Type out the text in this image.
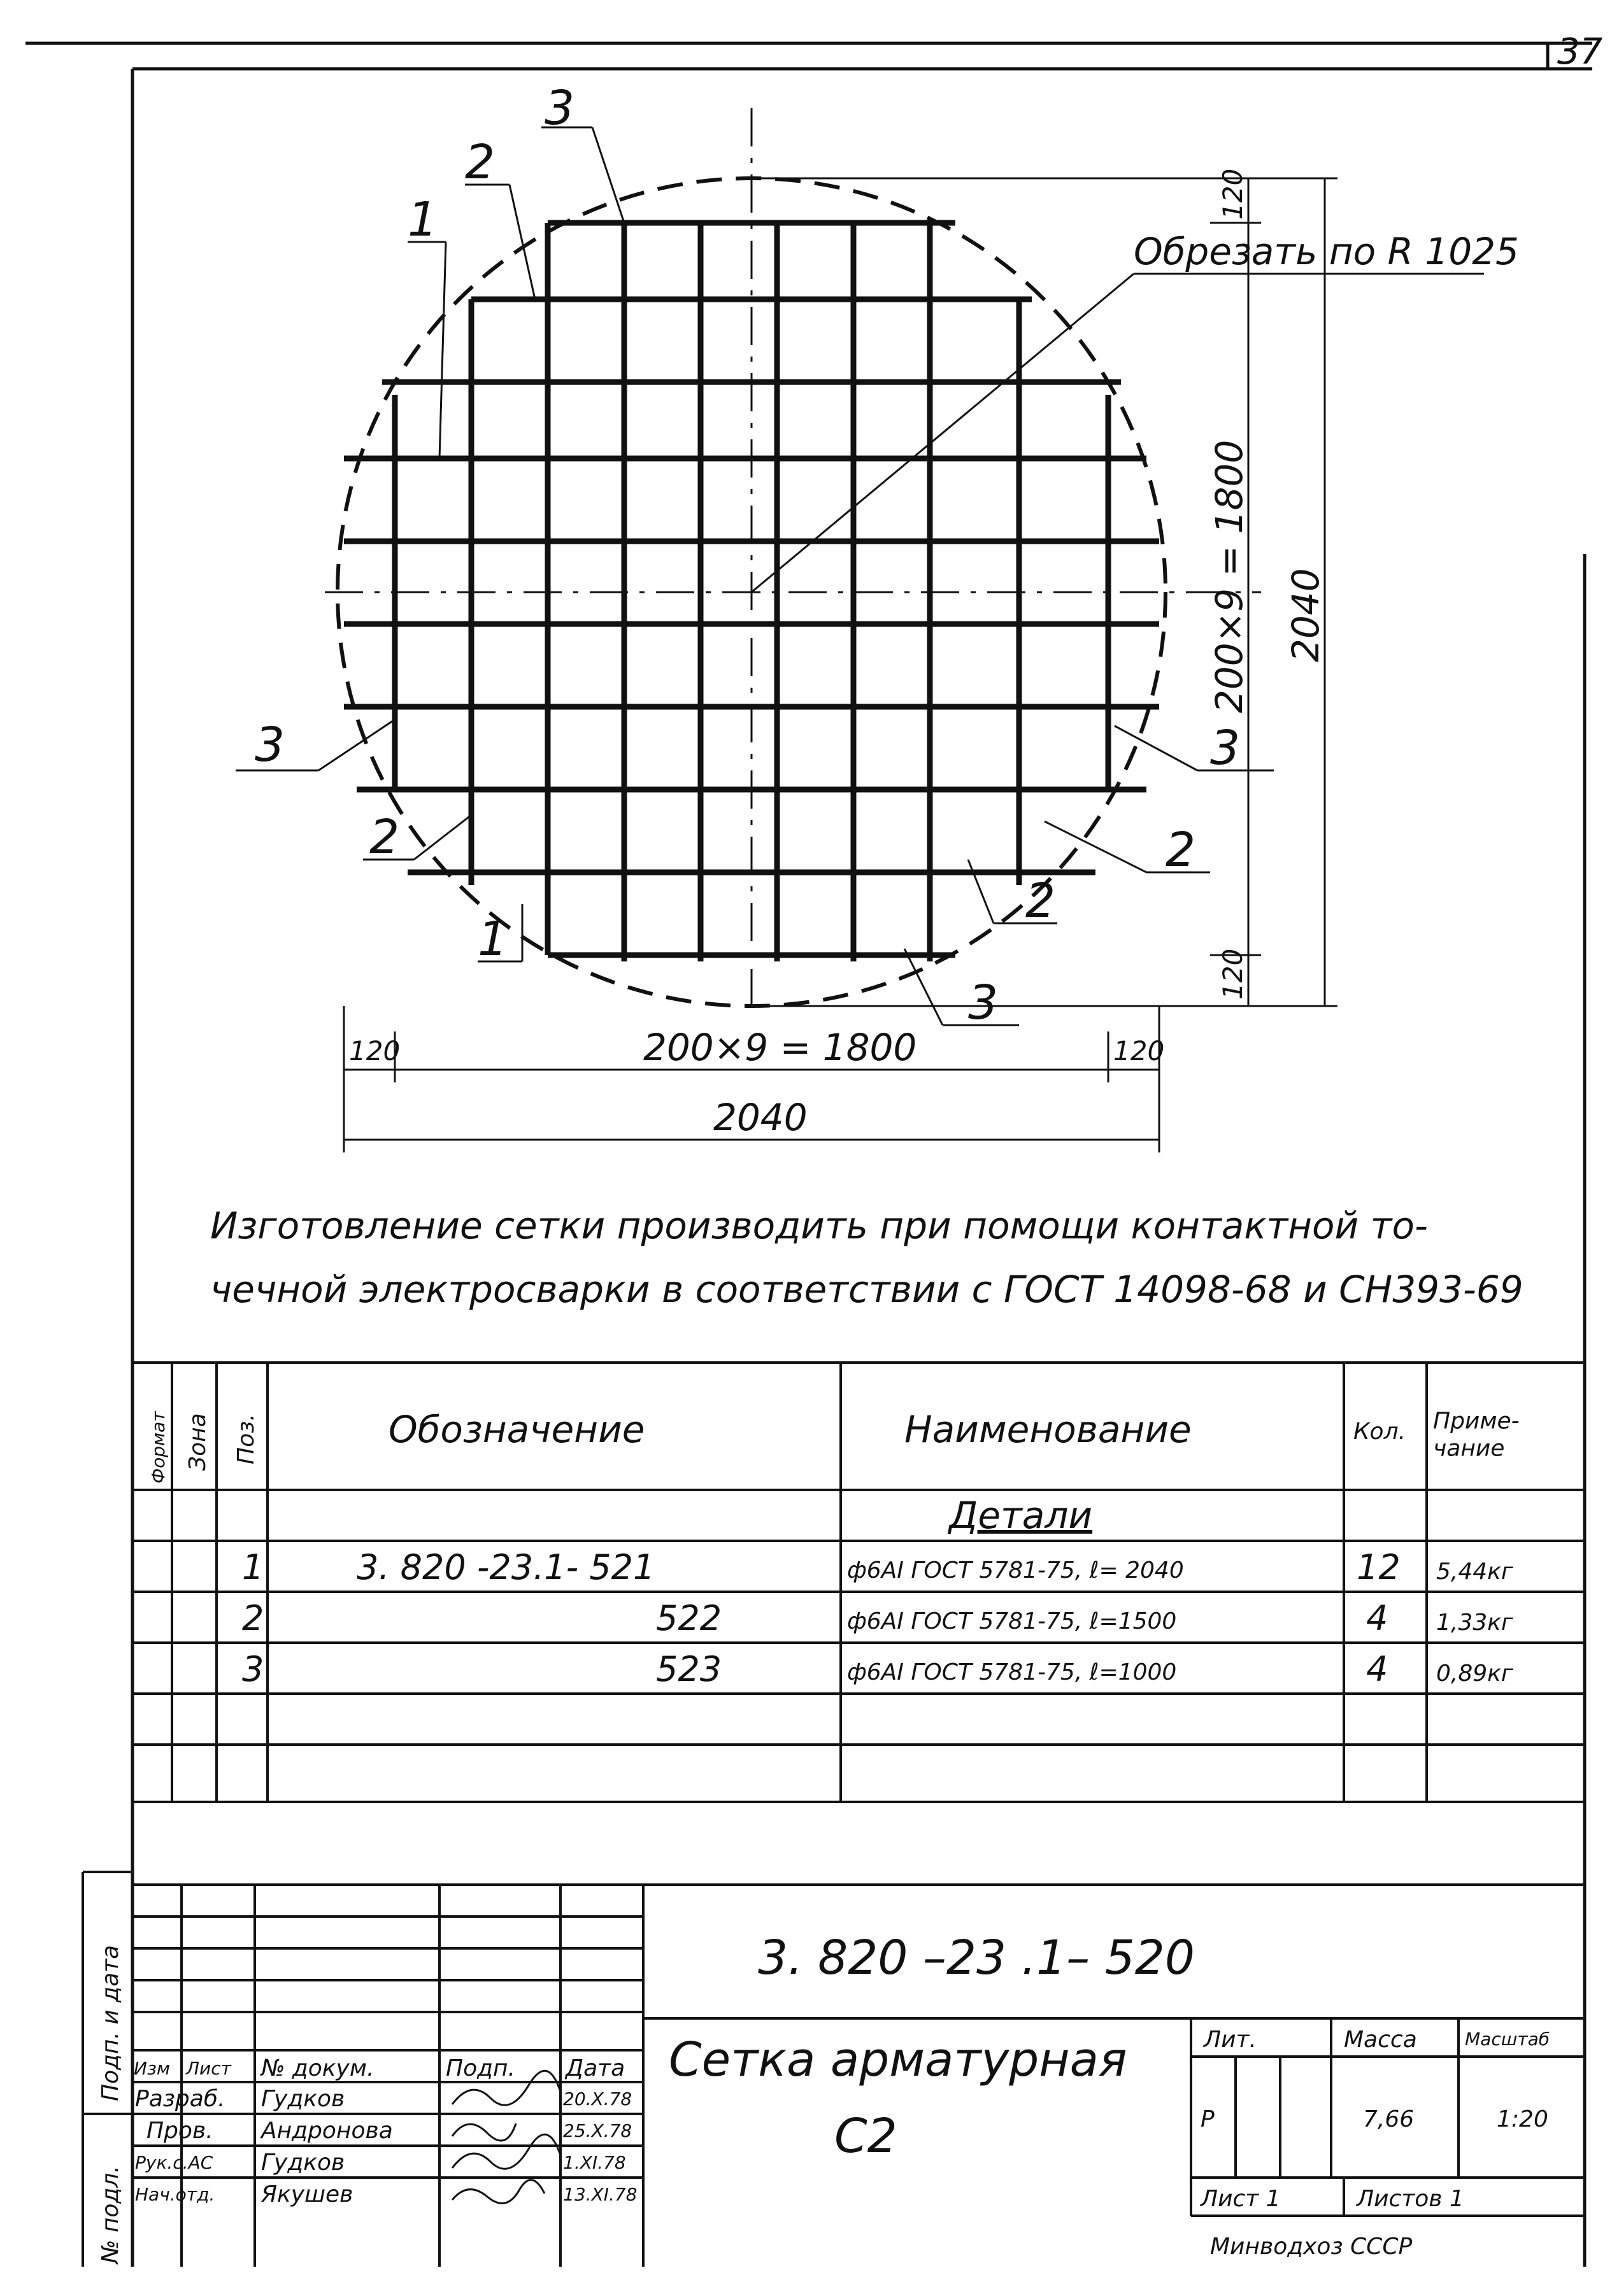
37
Обрезать по R 1025
1
2
3
3
2
1
3
2
2
3
120	200×9 = 1800	120
2040
120
200×9 = 1800
120
2040
Изготовление сетки производить при помощи контактной то-
чечной электросварки в соответствии с ГОСТ 14098-68 и СН393-69
Формат Зона Поз.	Обозначение	Наименование	Кол. Приме-чание
Детали
1	3. 820 -23.1- 521	ф6АI ГОСТ 5781-75, ℓ= 2040	12 5,44кг
2	522	ф6АI ГОСТ 5781-75, ℓ=1500	4 1,33кг
3	523	ф6АI ГОСТ 5781-75, ℓ=1000	4 0,89кг
3. 820 –23 .1– 520
Сетка арматурная
С2
Изм Лист № докум.	Подп. Дата
Разраб. Гудков	20.X.78
Пров. Андронова	25.X.78
Рук.с.АС Гудков	1.XI.78
Нач.отд. Якушев	13.XI.78
Лит.
Р
Масса
7,66
Масштаб
1:20
Лист 1	Листов 1
Минводхоз СССР
№ подл.
Подп. и дата
